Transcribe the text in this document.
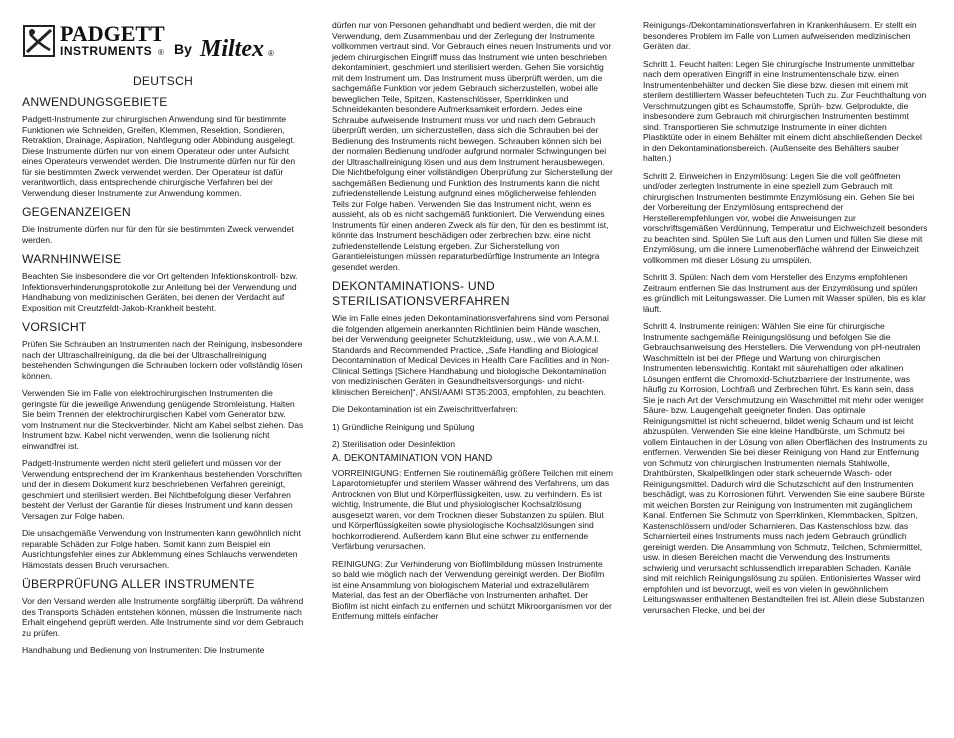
PADGETT
INSTRUMENTS ® By Miltex ®
DEUTSCH
ANWENDUNGSGEBIETE

Padgett-Instrumente zur chirurgischen Anwendung sind für bestimmte Funktionen wie Schneiden, Greifen, Klemmen, Resektion, Sondieren, Retraktion, Drainage, Aspiration, Nahtlegung oder Abbindung ausgelegt. Diese Instrumente dürfen nur von einem Operateur oder unter Aufsicht eines Operateurs verwendet werden. Die Instrumente dürfen nur für den für sie bestimmten Zweck verwendet werden. Der Operateur ist dafür verantwortlich, dass entsprechende chirurgische Verfahren bei der Verwendung dieser Instrumente zur Anwendung kommen.

GEGENANZEIGEN

Die Instrumente dürfen nur für den für sie bestimmten Zweck verwendet werden.

WARNHINWEISE

Beachten Sie insbesondere die vor Ort geltenden Infektionskontroll- bzw. Infektionsverhinderungsprotokolle zur Anleitung bei der Verwendung und Handhabung von medizinischen Geräten, bei denen der Verdacht auf Exposition mit Creutzfeldt-Jakob-Krankheit besteht.

VORSICHT

Prüfen Sie Schrauben an Instrumenten nach der Reinigung, insbesondere nach der Ultraschallreinigung, da die bei der Ultraschallreinigung bestehenden Schwingungen die Schrauben lockern oder vollständig lösen können.

Verwenden Sie im Falle von elektrochirurgischen Instrumenten die geringste für die jeweilige Anwendung genügende Stromleistung. Halten Sie beim Trennen der elektrochirurgischen Kabel vom Generator bzw. vom Instrument nur die Steckverbinder. Nicht am Kabel selbst ziehen. Das Instrument bzw. Kabel nicht verwenden, wenn die Isolierung nicht einwandfrei ist.

Padgett-Instrumente werden nicht steril geliefert und müssen vor der Verwendung entsprechend der im Krankenhaus bestehenden Vorschriften und der in diesem Dokument kurz beschriebenen Verfahren gereinigt, geschmiert und sterilisiert werden. Bei Nichtbefolgung dieser Verfahren besteht der Verlust der Garantie für dieses Instrument und kann dessen Versagen zur Folge haben.

Die unsachgemäße Verwendung von Instrumenten kann gewöhnlich nicht reparable Schäden zur Folge haben. Somit kann zum Beispiel ein Ausrichtungsfehler eines zur Abklemmung eines Schlauchs verwendeten Hämostats dessen Bruch verursachen.

ÜBERPRÜFUNG ALLER INSTRUMENTE

Vor den Versand werden alle Instrumente sorgfältig überprüft. Da während des Transports Schäden entstehen können, müssen die Instrumente nach Erhalt eingehend geprüft werden. Alle Instrumente sind vor dem Gebrauch zu prüfen.

Handhabung und Bedienung von Instrumenten: Die Instrumente

dürfen nur von Personen gehandhabt und bedient werden, die mit der Verwendung, dem Zusammenbau und der Zerlegung der Instrumente vollkommen vertraut sind. Vor Gebrauch eines neuen Instruments und vor jedem chirurgischen Eingriff muss das Instrument wie unten beschrieben dekontaminiert, geschmiert und sterilisiert werden. Gehen Sie vorsichtig mit dem Instrument um. Das Instrument muss überprüft werden, um die sachgemäße Funktion vor jedem Gebrauch sicherzustellen, wobei alle beweglichen Teile, Spitzen, Kastenschlösser, Sperrklinken und Schneidekanten besondere Aufmerksamkeit erfordern. Jedes eine Schraube aufweisende Instrument muss vor und nach dem Gebrauch überprüft werden, um sicherzustellen, dass sich die Schrauben bei der Bedienung des Instruments nicht bewegen. Schrauben können sich bei der normalen Bedienung und/oder aufgrund normaler Schwingungen bei der Ultraschallreinigung lösen und aus dem Instrument herausbewegen. Die Nichtbefolgung einer vollständigen Überprüfung zur Sicherstellung der sachgemäßen Bedienung und Funktion des Instruments kann die nicht zufriedenstellende Leistung aufgrund eines möglicherweise fehlenden Teils zur Folge haben. Verwenden Sie das Instrument nicht, wenn es aussieht, als ob es nicht sachgemäß funktioniert. Die Verwendung eines Instruments für einen anderen Zweck als für den, für den es bestimmt ist, könnte das Instrument beschädigen oder zerbrechen bzw. eine nicht zufriedenstellende Leistung ergeben. Zur Sicherstellung von Garantieleistungen müssen reparaturbedürftige Instrumente an Integra gesendet werden.

DEKONTAMINATIONS- UND
STERILISATIONSVERFAHREN

Wie im Falle eines jeden Dekontaminationsverfahrens sind vom Personal die folgenden allgemein anerkannten Richtlinien beim Hände waschen, bei der Verwendung geeigneter Schutzkleidung, usw., wie von A.A.M.I. Standards and Recommended Practice, „Safe Handling and Biological Decontamination of Medical Devices in Health Care Facilities and in Non-Clinical Settings [Sichere Handhabung und biologische Dekontamination von medizinischen Geräten in Gesundheitsversorgungs- und nicht-klinischen Bereichen]“, ANSI/AAMI ST35:2003, empfohlen, zu beachten.

Die Dekontamination ist ein Zweischrittverfahren:

1) Gründliche Reinigung und Spülung

2) Sterilisation oder Desinfektion

A. DEKONTAMINATION VON HAND

VORREINIGUNG: Entfernen Sie routinemäßig größere Teilchen mit einem Laparotomietupfer und sterilem Wasser während des Verfahrens, um das Antrocknen von Blut und Körperflüssigkeiten, usw. zu verhindern. Es ist wichtig, Instrumente, die Blut und physiologischer Kochsalzlösung ausgesetzt waren, vor dem Trocknen dieser Substanzen zu spülen. Blut und Körperflüssigkeiten sowie physiologische Kochsalzlösungen sind hochkorrodierend. Außerdem kann Blut eine schwer zu entfernende Verfärbung verursachen.

REINIGUNG: Zur Verhinderung von Biofilmbildung müssen Instrumente so bald wie möglich nach der Verwendung gereinigt werden. Der Biofilm ist eine Ansammlung von biologischem Material und extrazellulärem Material, das fest an der Oberfläche von Instrumenten anhaftet. Der Biofilm ist nicht einfach zu entfernen und schützt Mikroorganismen vor der Entfernung mittels einfacher

Reinigungs-/Dekontaminationsverfahren in Krankenhäusern. Er stellt ein besonderes Problem im Falle von Lumen aufweisenden medizinischen Geräten dar.

Schritt 1. Feucht halten: Legen Sie chirurgische Instrumente unmittelbar nach dem operativen Eingriff in eine Instrumentenschale bzw. einen Instrumentenbehälter und decken Sie diese bzw. diesen mit einem mit sterilem destilliertem Wasser befeuchteten Tuch zu. Zur Feuchthaltung von Verschmutzungen gibt es Schaumstoffe, Sprüh- bzw. Gelprodukte, die insbesondere zum Gebrauch mit chirurgischen Instrumenten bestimmt sind. Transportieren Sie schmutzige Instrumente in einer dichten Plastiktüte oder in einem Behälter mit einem dicht abschließenden Deckel in den Dekontaminationsbereich. (Außenseite des Behälters sauber halten.)

Schritt 2. Einweichen in Enzymlösung: Legen Sie die voll geöffneten und/oder zerlegten Instrumente in eine speziell zum Gebrauch mit chirurgischen Instrumenten bestimmte Enzymlösung ein. Gehen Sie bei der Vorbereitung der Enzymlösung entsprechend der Herstellerempfehlungen vor, wobei die Anweisungen zur vorschriftsgemäßen Verdünnung, Temperatur und Eichweichzeit besonders zu beachten sind. Spülen Sie Luft aus den Lumen und füllen Sie diese mit Enzymlösung, um die innere Lumenoberfläche während der Einweichzeit vollkommen mit dieser Lösung zu umspülen.

Schritt 3. Spülen: Nach dem vom Hersteller des Enzyms empfohlenen Zeitraum entfernen Sie das Instrument aus der Enzymlösung und spülen es gründlich mit Leitungswasser. Die Lumen mit Wasser spülen, bis es klar läuft.

Schritt 4. Instrumente reinigen: Wählen Sie eine für chirurgische Instrumente sachgemäße Reinigungslösung und befolgen Sie die Gebrauchsanweisung des Herstellers. Die Verwendung von pH-neutralen Waschmitteln ist bei der Pflege und Wartung von chirurgischen Instrumenten lebenswichtig. Kontakt mit säurehaltigen oder alkalinen Lösungen entfernt die Chromoxid-Schutzbarriere der Instrumente, was häufig zu Korrosion, Lochfraß und Zerbrechen führt. Es kann sein, dass Sie je nach Art der Verschmutzung ein Waschmittel mit mehr oder weniger Säure- bzw. Laugengehalt geeigneter finden. Das optimale Reinigungsmittel ist nicht scheuernd, bildet wenig Schaum und ist leicht abzuspülen. Verwenden Sie eine kleine Handbürste, um Schmutz bei vollem Eintauchen in der Lösung von allen Oberflächen des Instruments zu entfernen. Verwenden Sie bei dieser Reinigung von Hand zur Entfernung von Schmutz von chirurgischen Instrumenten niemals Stahlwolle, Drahtbürsten, Skalpellklingen oder stark scheuernde Wasch- oder Reinigungsmittel. Dadurch wird die Schutzschicht auf den Instrumenten beschädigt, was zu Korrosionen führt. Verwenden Sie eine saubere Bürste mit weichen Borsten zur Reinigung von Instrumenten mit zugänglichem Kanal. Entfernen Sie Schmutz von Sperrklinken, Klemmbacken, Spitzen, Kastenschlössern und/oder Scharnieren. Das Kastenschloss bzw. das Scharnierteil eines Instruments muss nach jedem Gebrauch gründlich gereinigt werden. Die Ansammlung von Schmutz, Teilchen, Schmiermittel, usw. in diesen Bereichen macht die Verwendung des Instruments schwierig und verursacht schlussendlich irreparablen Schaden. Kanäle sind mit reichlich Reinigungslösung zu spülen. Entionisiertes Wasser wird empfohlen und ist bevorzugt, weil es von vielen in gewöhnlichem Leitungswasser enthaltenen Bestandteilen frei ist. Allein diese Substanzen verursachen Flecke, und bei der
